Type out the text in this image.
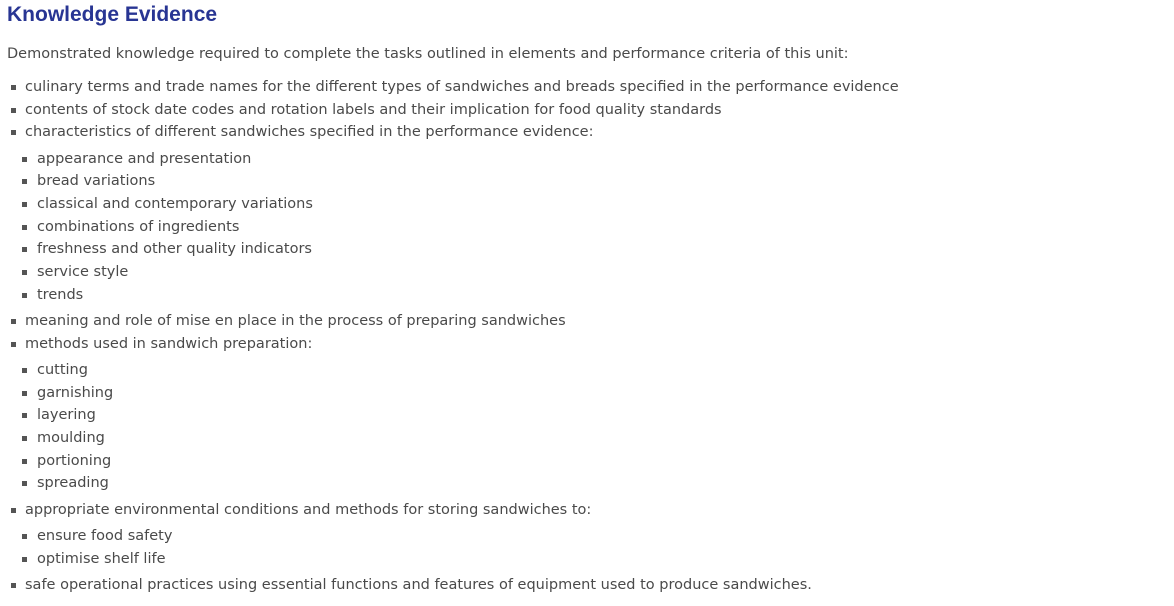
Knowledge Evidence

Demonstrated knowledge required to complete the tasks outlined in elements and performance criteria of this unit:

culinary terms and trade names for the different types of sandwiches and breads specified in the performance evidence
contents of stock date codes and rotation labels and their implication for food quality standards
characteristics of different sandwiches specified in the performance evidence:
appearance and presentation
bread variations
classical and contemporary variations
combinations of ingredients
freshness and other quality indicators
service style
trends
meaning and role of mise en place in the process of preparing sandwiches
methods used in sandwich preparation:
cutting
garnishing
layering
moulding
portioning
spreading
appropriate environmental conditions and methods for storing sandwiches to:
ensure food safety
optimise shelf life
safe operational practices using essential functions and features of equipment used to produce sandwiches.
